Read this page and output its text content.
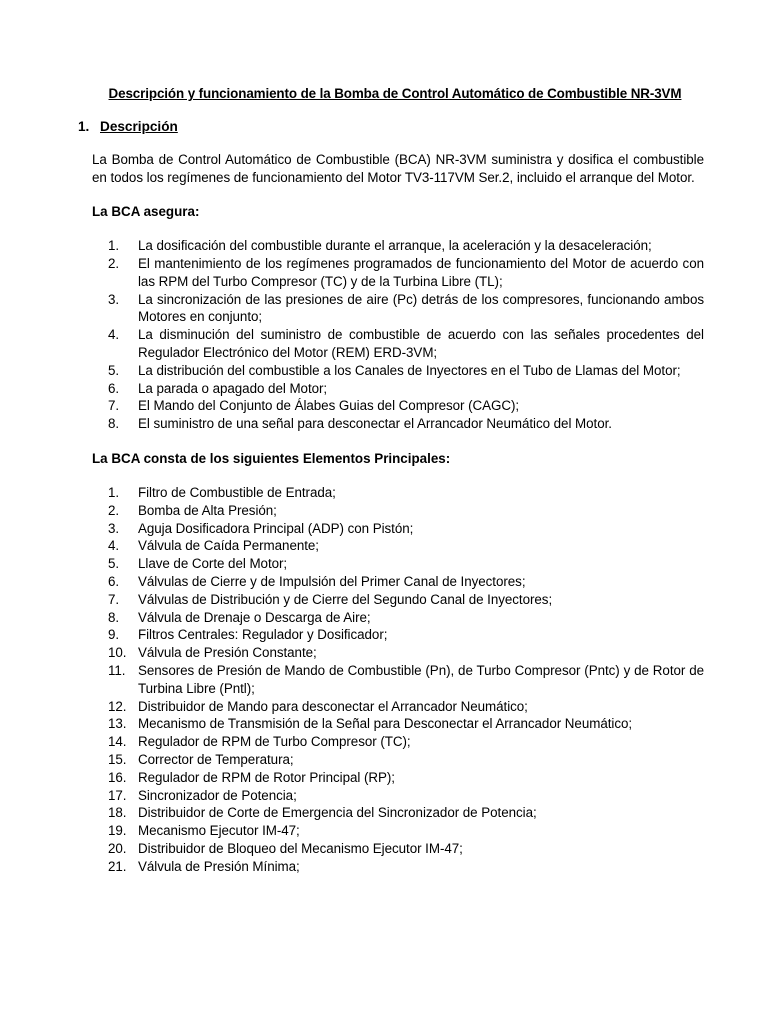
Descripción y funcionamiento de la Bomba de Control Automático de Combustible NR-3VM
1. Descripción

La Bomba de Control Automático de Combustible (BCA) NR-3VM suministra y dosifica el combustible en todos los regímenes de funcionamiento del Motor TV3-117VM Ser.2, incluido el arranque del Motor.

La BCA asegura:
1.	La dosificación del combustible durante el arranque, la aceleración y la desaceleración;
2.	El mantenimiento de los regímenes programados de funcionamiento del Motor de acuerdo con las RPM del Turbo Compresor (TC) y de la Turbina Libre (TL);
3.	La sincronización de las presiones de aire (Pc) detrás de los compresores, funcionando ambos Motores en conjunto;
4.	La disminución del suministro de combustible de acuerdo con las señales procedentes del Regulador Electrónico del Motor (REM) ERD-3VM;
5.	La distribución del combustible a los Canales de Inyectores en el Tubo de Llamas del Motor;
6.	La parada o apagado del Motor;
7.	El Mando del Conjunto de Álabes Guias del Compresor (CAGC);
8.	El suministro de una señal para desconectar el Arrancador Neumático del Motor.
La BCA consta de los siguientes Elementos Principales:
1.	Filtro de Combustible de Entrada;
2.	Bomba de Alta Presión;
3.	Aguja Dosificadora Principal (ADP) con Pistón;
4.	Válvula de Caída Permanente;
5.	Llave de Corte del Motor;
6.	Válvulas de Cierre y de Impulsión del Primer Canal de Inyectores;
7.	Válvulas de Distribución y de Cierre del Segundo Canal de Inyectores;
8.	Válvula de Drenaje o Descarga de Aire;
9.	Filtros Centrales: Regulador y Dosificador;
10. Válvula de Presión Constante;
11. Sensores de Presión de Mando de Combustible (Pn), de Turbo Compresor (Pntc) y de Rotor de Turbina Libre (Pntl);
12. Distribuidor de Mando para desconectar el Arrancador Neumático;
13. Mecanismo de Transmisión de la Señal para Desconectar el Arrancador Neumático;
14. Regulador de RPM de Turbo Compresor (TC);
15. Corrector de Temperatura;
16. Regulador de RPM de Rotor Principal (RP);
17. Sincronizador de Potencia;
18. Distribuidor de Corte de Emergencia del Sincronizador de Potencia;
19. Mecanismo Ejecutor IM-47;
20. Distribuidor de Bloqueo del Mecanismo Ejecutor IM-47;
21. Válvula de Presión Mínima;
